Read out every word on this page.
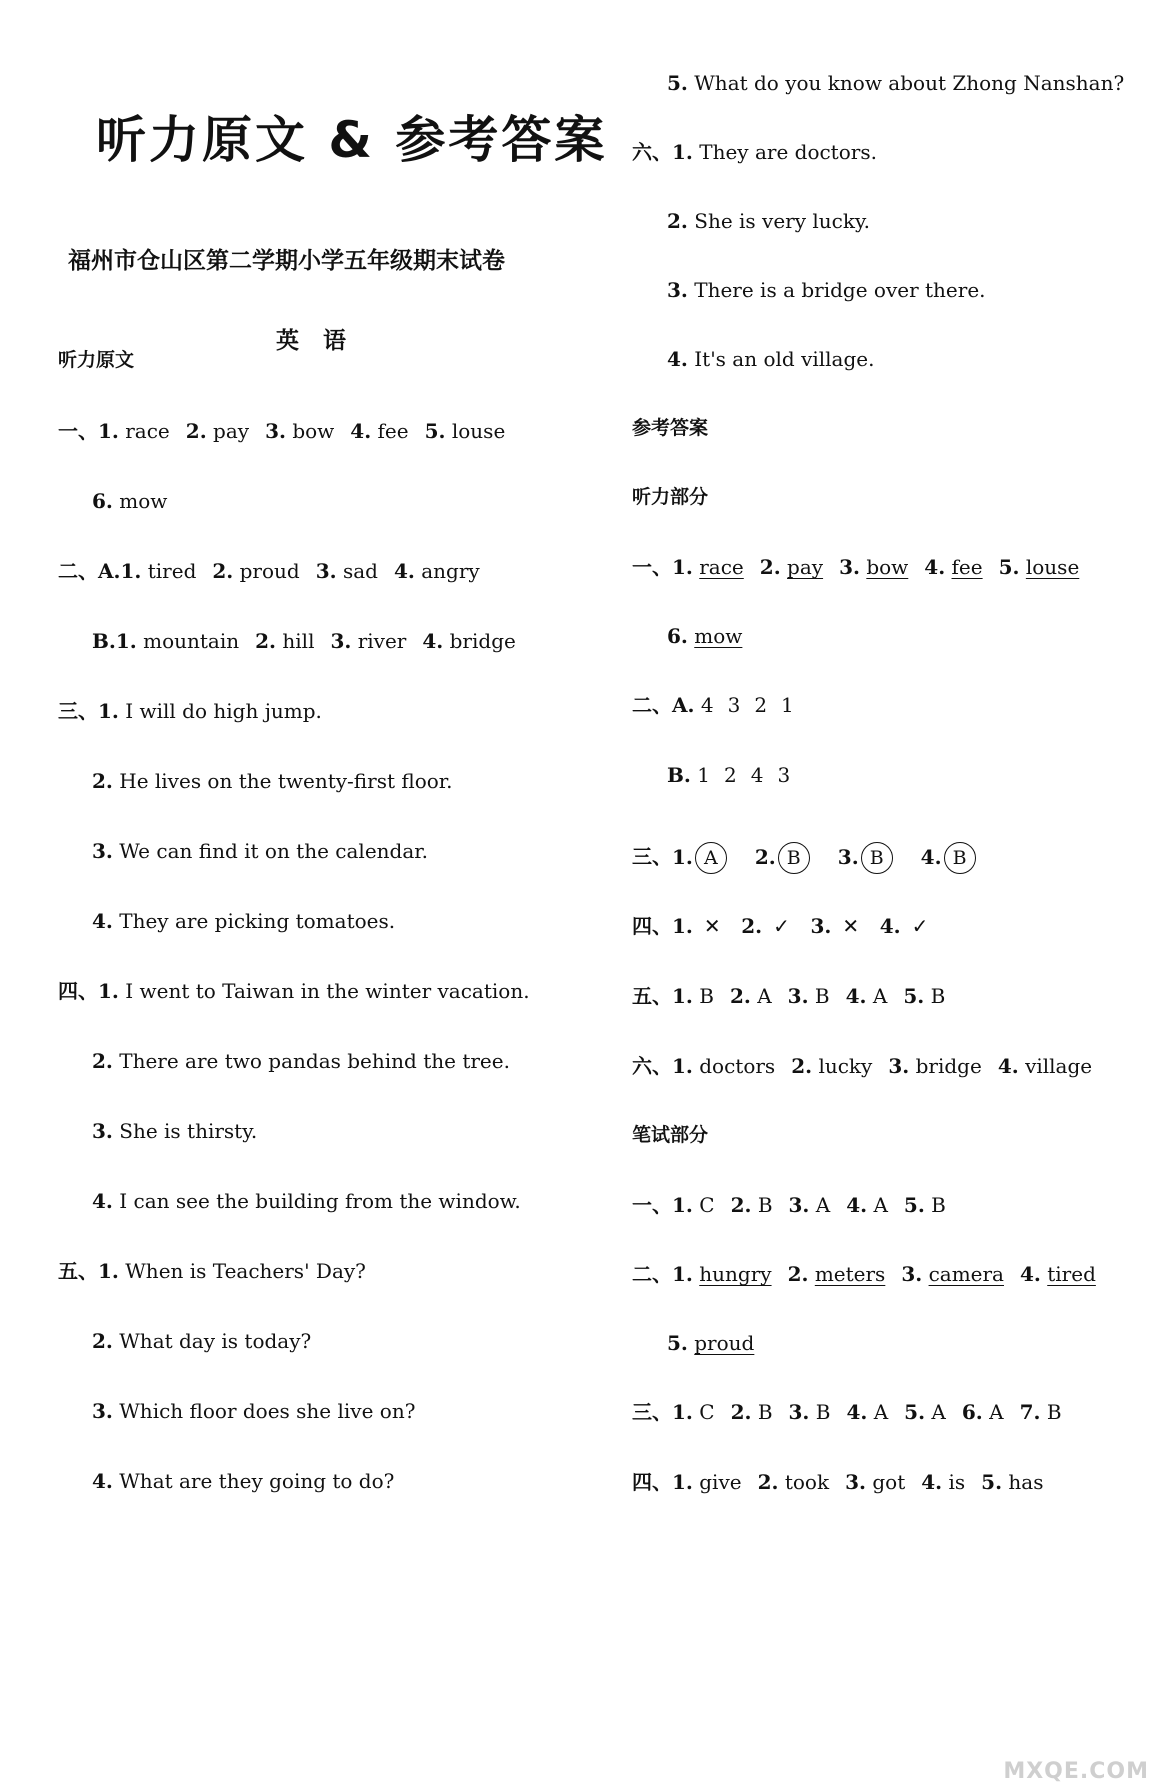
听力原文 & 参考答案
福州市仓山区第二学期小学五年级期末试卷
英语
听力原文
一、1. race 2. pay 3. bow 4. fee 5. louse
6. mow
二、A.1. tired 2. proud 3. sad 4. angry
B.1. mountain 2. hill 3. river 4. bridge
三、1. I will do high jump.
2. He lives on the twenty-first floor.
3. We can find it on the calendar.
4. They are picking tomatoes.
四、1. I went to Taiwan in the winter vacation.
2. There are two pandas behind the tree.
3. She is thirsty.
4. I can see the building from the window.
五、1. When is Teachers' Day?
2. What day is today?
3. Which floor does she live on?
4. What are they going to do?
5. What do you know about Zhong Nanshan?
六、1. They are doctors.
2. She is very lucky.
3. There is a bridge over there.
4. It's an old village.
参考答案
听力部分
一、1. race 2. pay 3. bow 4. fee 5. louse
6. mow
二、A. 4 3 2 1
B. 1 2 4 3
三、1. A 2. B 3. B 4. B
四、1. ✕ 2. ✓ 3. ✕ 4. ✓
五、1. B 2. A 3. B 4. A 5. B
六、1. doctors 2. lucky 3. bridge 4. village
笔试部分
一、1. C 2. B 3. A 4. A 5. B
二、1. hungry 2. meters 3. camera 4. tired
5. proud
三、1. C 2. B 3. B 4. A 5. A 6. A 7. B
四、1. give 2. took 3. got 4. is 5. has
MXQE.COM
